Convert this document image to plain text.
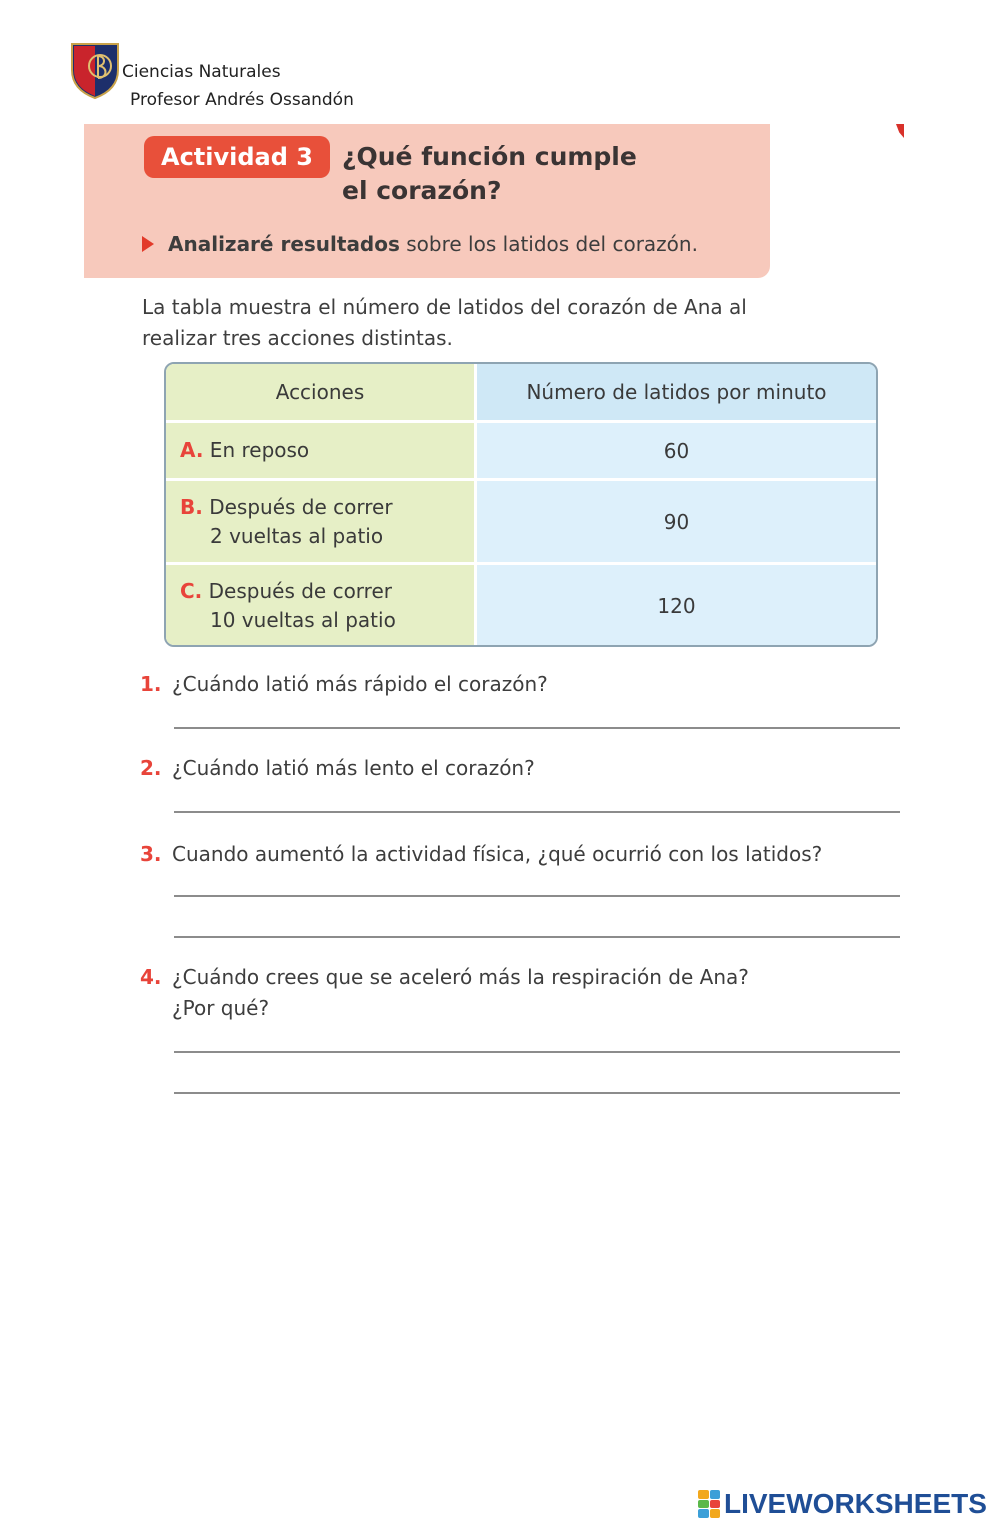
Ciencias Naturales
Profesor Andrés Ossandón
Actividad 3	¿Qué función cumple
el corazón?
Analizaré resultados sobre los latidos del corazón.
La tabla muestra el número de latidos del corazón de Ana al
realizar tres acciones distintas.
Acciones	Número de latidos por minuto
A. En reposo	60
B. Después de correr
2 vueltas al patio	90
C. Después de correr
10 vueltas al patio	120
1. ¿Cuándo latió más rápido el corazón?
2. ¿Cuándo latió más lento el corazón?
3. Cuando aumentó la actividad física, ¿qué ocurrió con los latidos?
4. ¿Cuándo crees que se aceleró más la respiración de Ana?
¿Por qué?
LIVEWORKSHEETS
